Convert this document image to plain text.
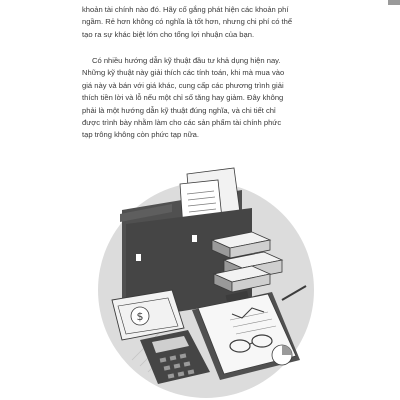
khoản tài chính nào đó. Hãy cố gắng phát hiện các khoản phí
ngầm. Rẻ hơn không có nghĩa là tốt hơn, nhưng chi phí có thể
tạo ra sự khác biệt lớn cho tổng lợi nhuận của bạn.

Có nhiều hướng dẫn kỹ thuật đầu tư khả dụng hiện nay.
Những kỹ thuật này giải thích các tính toán, khi mà mua vào
giá này và bán với giá khác, cung cấp các phương trình giải
thích tiền lời và lỗ nếu một chỉ số tăng hay giảm. Đây không
phải là một hướng dẫn kỹ thuật đúng nghĩa, và chi tiết chỉ
được trình bày nhằm làm cho các sản phẩm tài chính phức
tạp trông không còn phức tạp nữa.

$
